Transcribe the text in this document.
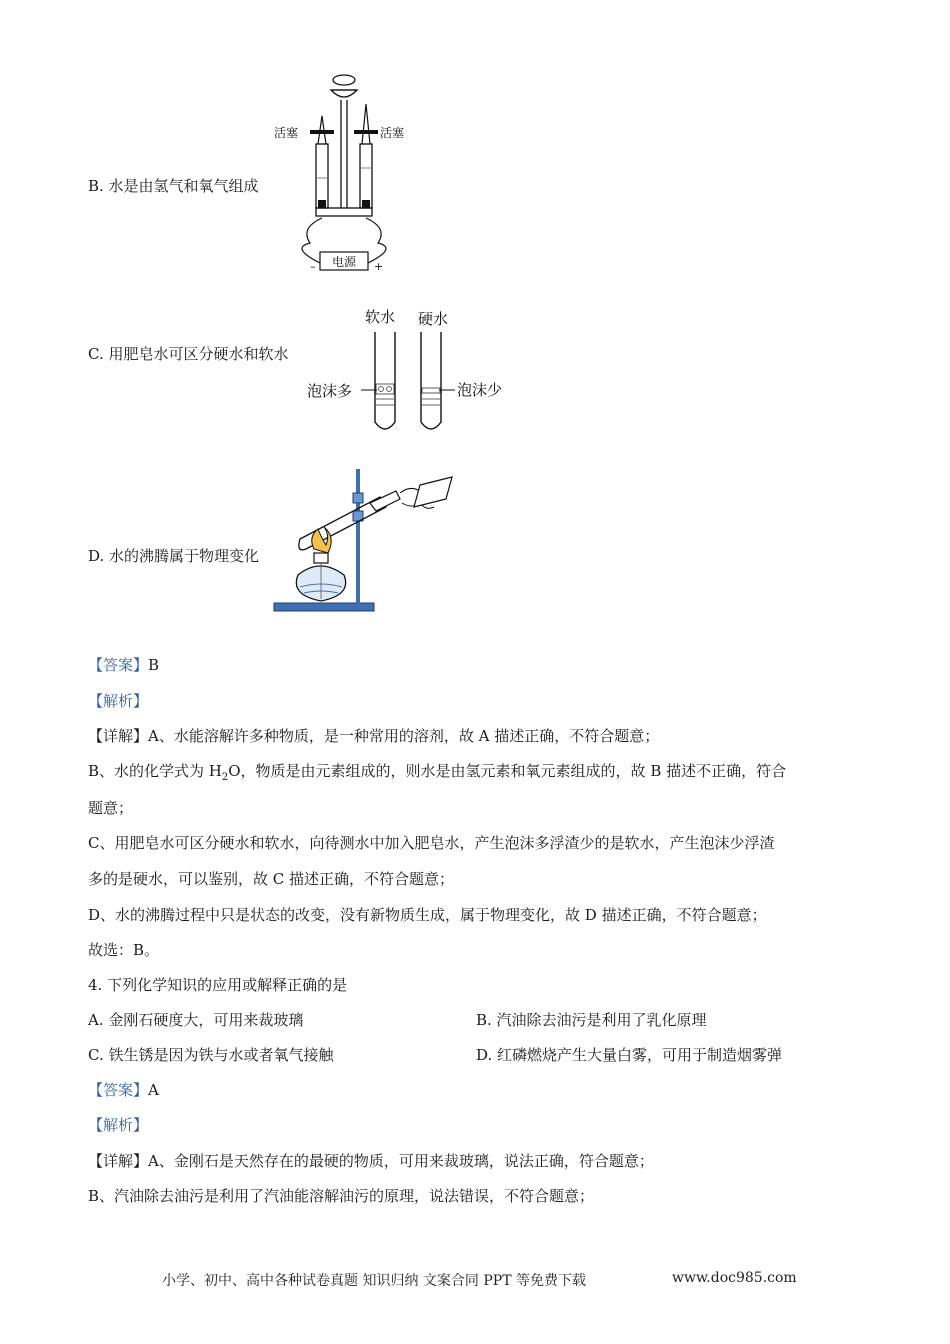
B. 水是由氢气和氧气组成
电源
–	+
活塞	活塞
C. 用肥皂水可区分硬水和软水
软水 硬水
泡沫多	泡沫少
D. 水的沸腾属于物理变化
【答案】B
【解析】
【详解】A、水能溶解许多种物质，是一种常用的溶剂，故 A 描述正确，不符合题意；
B、水的化学式为 $H_2O$，物质是由元素组成的，则水是由氢元素和氧元素组成的，故 B 描述不正确，符合
题意；
C、用肥皂水可区分硬水和软水，向待测水中加入肥皂水，产生泡沫多浮渣少的是软水，产生泡沫少浮渣
多的是硬水，可以鉴别，故 C 描述正确，不符合题意；
D、水的沸腾过程中只是状态的改变，没有新物质生成，属于物理变化，故 D 描述正确，不符合题意；
故选：B。
4. 下列化学知识的应用或解释正确的是
A. 金刚石硬度大，可用来裁玻璃	B. 汽油除去油污是利用了乳化原理
C. 铁生锈是因为铁与水或者氧气接触	D. 红磷燃烧产生大量白雾，可用于制造烟雾弹
【答案】A
【解析】
【详解】A、金刚石是天然存在的最硬的物质，可用来裁玻璃，说法正确，符合题意；
B、汽油除去油污是利用了汽油能溶解油污的原理，说法错误，不符合题意；
小学、初中、高中各种试卷真题 知识归纳 文案合同 PPT 等免费下载	www.doc985.com
